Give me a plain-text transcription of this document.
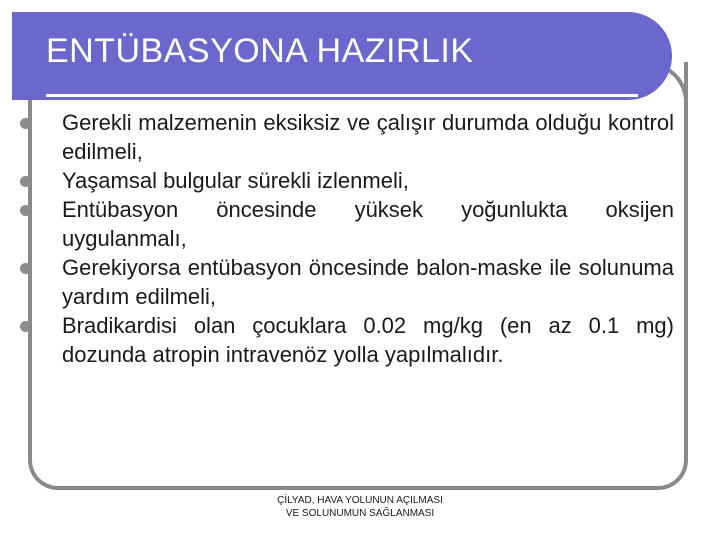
ENTÜBASYONA HAZIRLIK
Gerekli malzemenin eksiksiz ve çalışır durumda olduğu kontrol edilmeli,
Yaşamsal bulgular sürekli izlenmeli,
Entübasyon öncesinde yüksek yoğunlukta oksijen uygulanmalı,
Gerekiyorsa entübasyon öncesinde balon-maske ile solunuma yardım edilmeli,
Bradikardisi olan çocuklara 0.02 mg/kg (en az 0.1 mg) dozunda atropin intravenöz yolla yapılmalıdır.
ÇİLYAD, HAVA YOLUNUN AÇILMASI
VE SOLUNUMUN SAĞLANMASI
